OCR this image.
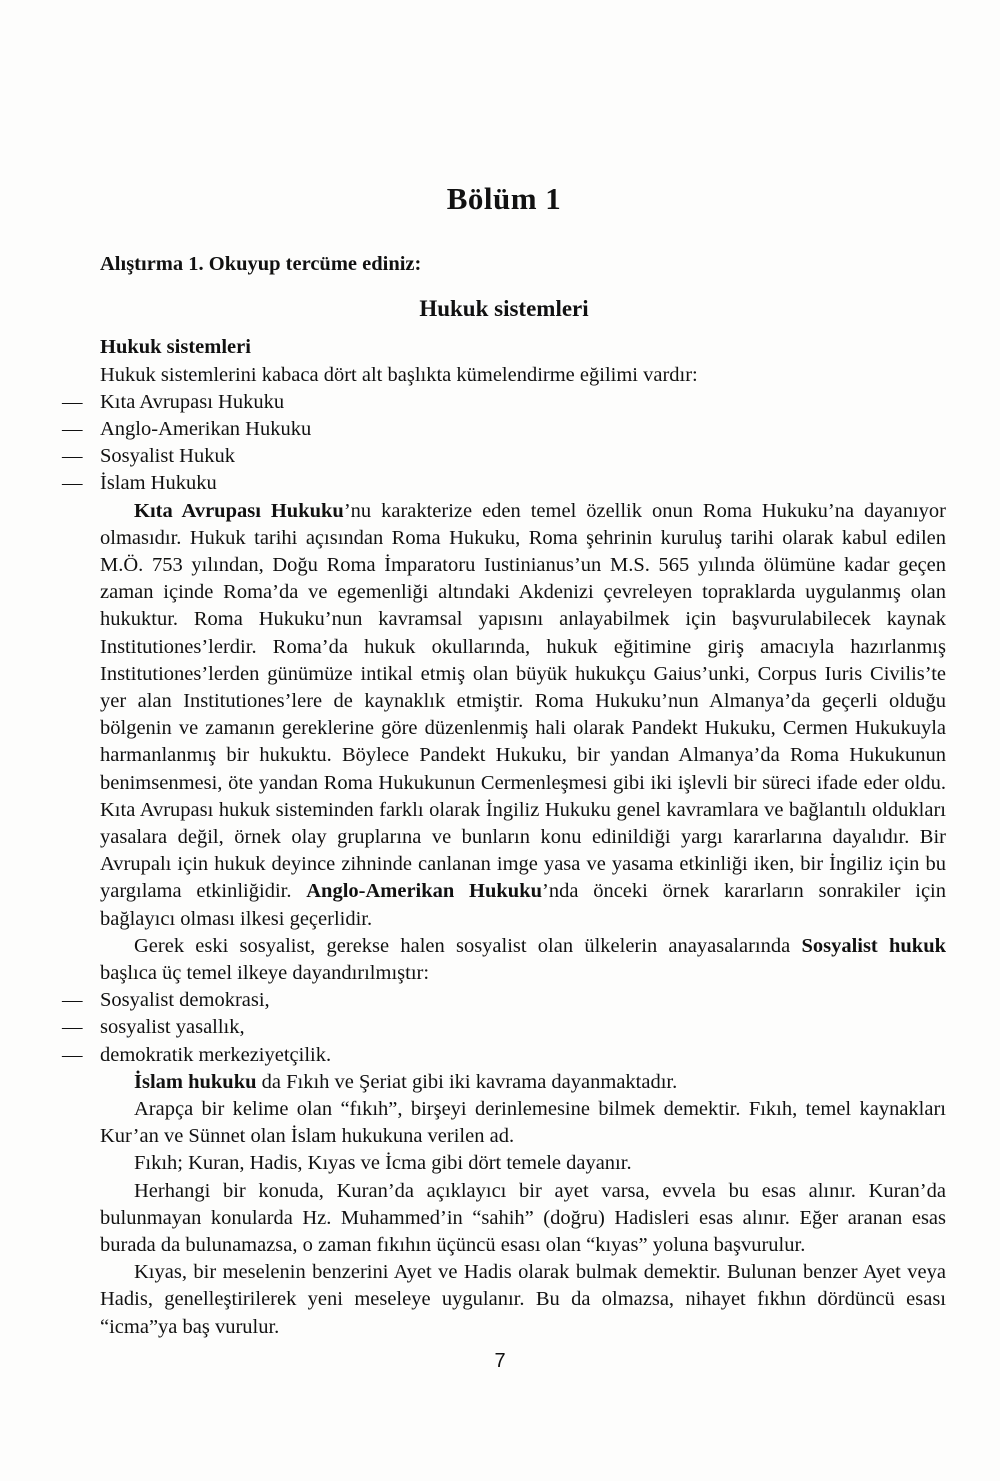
Bölüm 1

Alıştırma 1. Okuyup tercüme ediniz:

Hukuk sistemleri

Hukuk sistemleri

Hukuk sistemlerini kabaca dört alt başlıkta kümelendirme eğilimi vardır:

— Kıta Avrupası Hukuku
— Anglo-Amerikan Hukuku
— Sosyalist Hukuk
— İslam Hukuku

Kıta Avrupası Hukuku’nu karakterize eden temel özellik onun Roma Hukuku’na dayanıyor olmasıdır. Hukuk tarihi açısından Roma Hukuku, Roma şehrinin kuruluş tarihi olarak kabul edilen M.Ö. 753 yılından, Doğu Roma İmparatoru Iustinianus’un M.S. 565 yılında ölümüne kadar geçen zaman içinde Roma’da ve egemenliği altındaki Akdenizi çevreleyen topraklarda uygulanmış olan hukuktur. Roma Hukuku’nun kavramsal yapısını anlayabilmek için başvurulabilecek kaynak Institutiones’lerdir. Roma’da hukuk okullarında, hukuk eğitimine giriş amacıyla hazırlanmış Institutiones’lerden günümüze intikal etmiş olan büyük hukukçu Gaius’unki, Corpus Iuris Civilis’te yer alan Institutiones’lere de kaynaklık etmiştir. Roma Hukuku’nun Almanya’da geçerli olduğu bölgenin ve zamanın gereklerine göre düzenlenmiş hali olarak Pandekt Hukuku, Cermen Hukukuyla harmanlanmış bir hukuktu. Böylece Pandekt Hukuku, bir yandan Almanya’da Roma Hukukunun benimsenmesi, öte yandan Roma Hukukunun Cermenleşmesi gibi iki işlevli bir süreci ifade eder oldu. Kıta Avrupası hukuk sisteminden farklı olarak İngiliz Hukuku genel kavramlara ve bağlantılı oldukları yasalara değil, örnek olay gruplarına ve bunların konu edinildiği yargı kararlarına dayalıdır. Bir Avrupalı için hukuk deyince zihninde canlanan imge yasa ve yasama etkinliği iken, bir İngiliz için bu yargılama etkinliğidir. Anglo-Amerikan Hukuku’nda önceki örnek kararların sonrakiler için bağlayıcı olması ilkesi geçerlidir.

Gerek eski sosyalist, gerekse halen sosyalist olan ülkelerin anayasalarında Sosyalist hukuk başlıca üç temel ilkeye dayandırılmıştır:

— Sosyalist demokrasi,
— sosyalist yasallık,
— demokratik merkeziyetçilik.

İslam hukuku da Fıkıh ve Şeriat gibi iki kavrama dayanmaktadır.

Arapça bir kelime olan “fıkıh”, birşeyi derinlemesine bilmek demektir. Fıkıh, temel kaynakları Kur’an ve Sünnet olan İslam hukukuna verilen ad.

Fıkıh; Kuran, Hadis, Kıyas ve İcma gibi dört temele dayanır.

Herhangi bir konuda, Kuran’da açıklayıcı bir ayet varsa, evvela bu esas alınır. Kuran’da bulunmayan konularda Hz. Muhammed’in “sahih” (doğru) Hadisleri esas alınır. Eğer aranan esas burada da bulunamazsa, o zaman fıkıhın üçüncü esası olan “kıyas” yoluna başvurulur.

Kıyas, bir meselenin benzerini Ayet ve Hadis olarak bulmak demektir. Bulunan benzer Ayet veya Hadis, genelleştirilerek yeni meseleye uygulanır. Bu da olmazsa, nihayet fıkhın dördüncü esası “icma”ya baş vurulur.

7
